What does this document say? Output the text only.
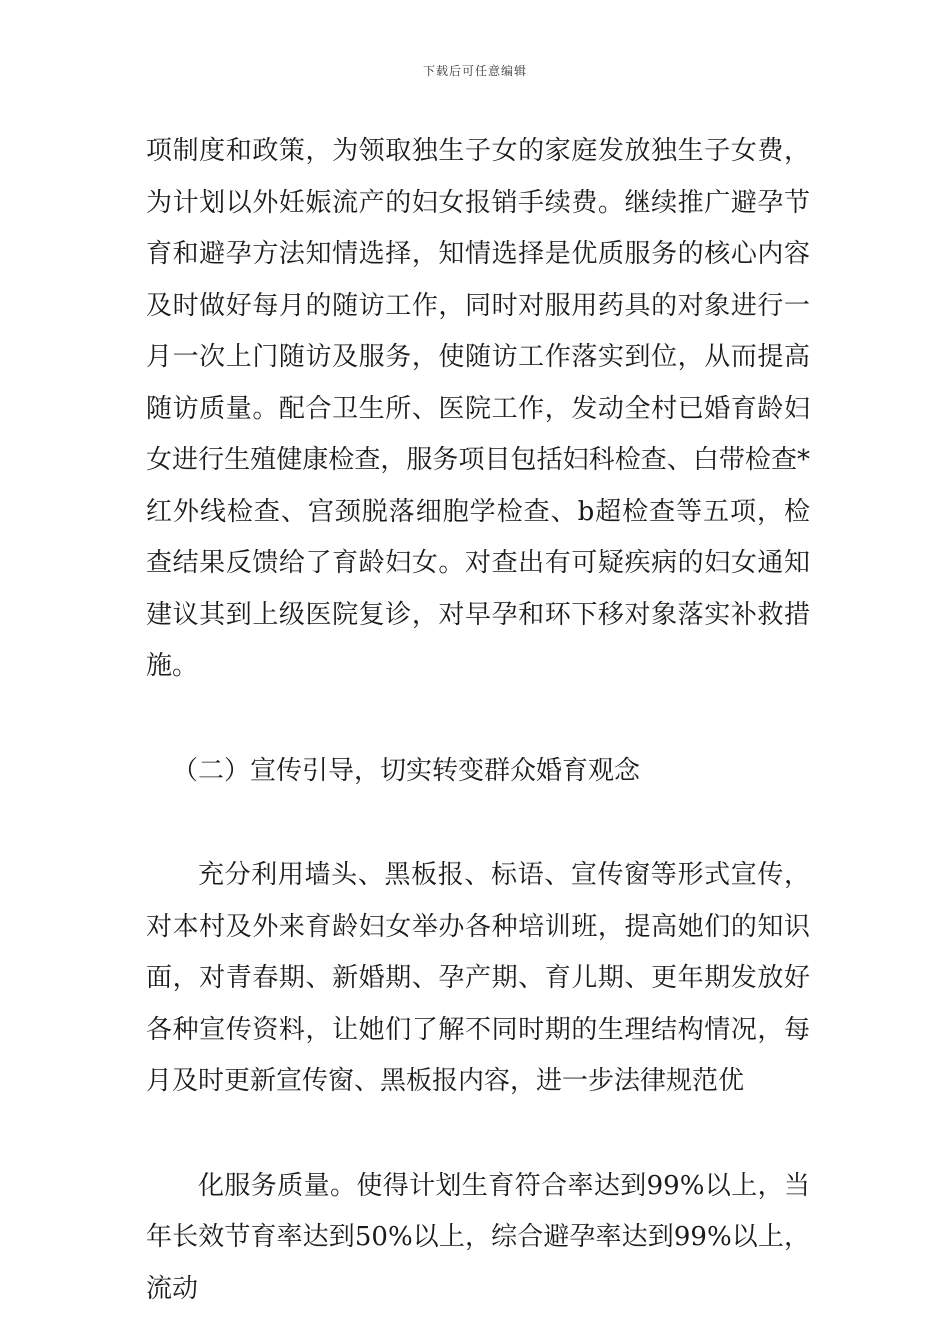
下载后可任意编辑

项制度和政策，为领取独生子女的家庭发放独生子女费，为计划以外妊娠流产的妇女报销手续费。继续推广避孕节育和避孕方法知情选择，知情选择是优质服务的核心内容及时做好每月的随访工作，同时对服用药具的对象进行一月一次上门随访及服务，使随访工作落实到位，从而提高随访质量。配合卫生所、医院工作，发动全村已婚育龄妇女进行生殖健康检查，服务项目包括妇科检查、白带检查*红外线检查、宫颈脱落细胞学检查、b超检查等五项，检查结果反馈给了育龄妇女。对查出有可疑疾病的妇女通知建议其到上级医院复诊，对早孕和环下移对象落实补救措施。

（二）宣传引导，切实转变群众婚育观念

充分利用墙头、黑板报、标语、宣传窗等形式宣传，对本村及外来育龄妇女举办各种培训班，提高她们的知识面，对青春期、新婚期、孕产期、育儿期、更年期发放好各种宣传资料，让她们了解不同时期的生理结构情况，每月及时更新宣传窗、黑板报内容，进一步法律规范优

化服务质量。使得计划生育符合率达到99%以上，当年长效节育率达到50%以上，综合避孕率达到99%以上，流动
